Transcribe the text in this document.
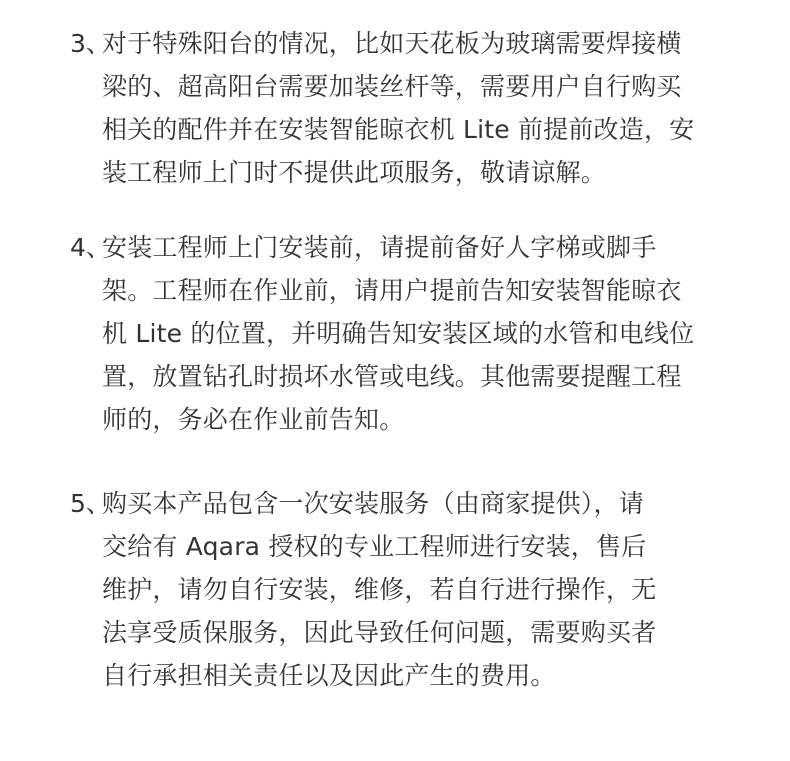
3、
对于特殊阳台的情况，比如天花板为玻璃需要焊接横
梁的、超高阳台需要加装丝杆等，需要用户自行购买
相关的配件并在安装智能晾衣机 Lite 前提前改造，安
装工程师上门时不提供此项服务，敬请谅解。
4、
安装工程师上门安装前，请提前备好人字梯或脚手
架。工程师在作业前，请用户提前告知安装智能晾衣
机 Lite 的位置，并明确告知安装区域的水管和电线位
置，放置钻孔时损坏水管或电线。其他需要提醒工程
师的，务必在作业前告知。
5、
购买本产品包含一次安装服务（由商家提供），请
交给有 Aqara 授权的专业工程师进行安装，售后
维护，请勿自行安装，维修，若自行进行操作，无
法享受质保服务，因此导致任何问题，需要购买者
自行承担相关责任以及因此产生的费用。
